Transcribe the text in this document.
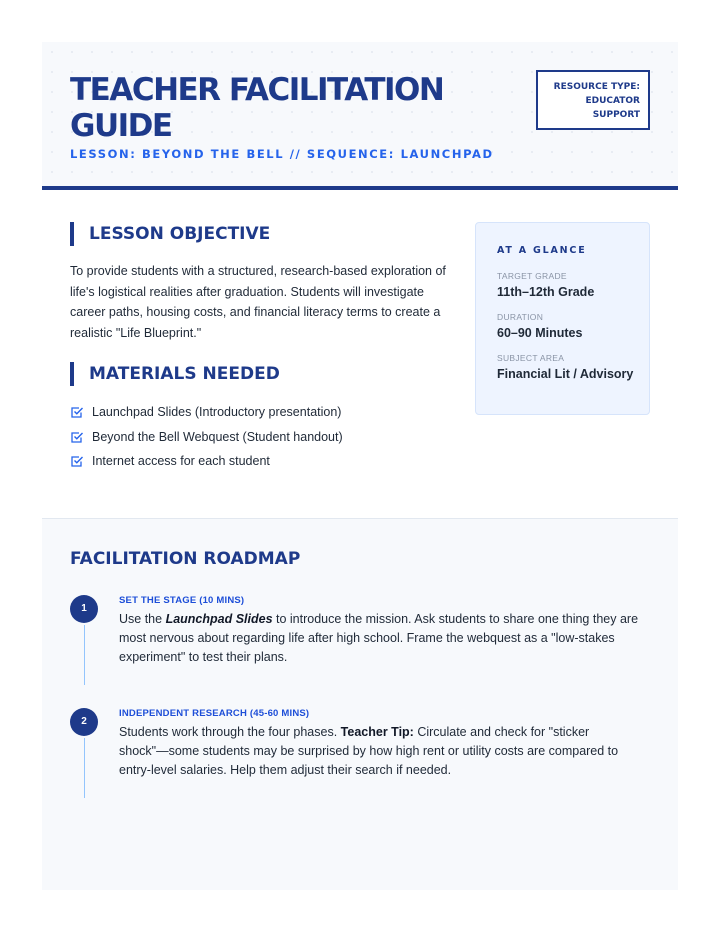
TEACHER FACILITATION GUIDE
LESSON: BEYOND THE BELL // SEQUENCE: LAUNCHPAD
RESOURCE TYPE:
EDUCATOR
SUPPORT
LESSON OBJECTIVE

To provide students with a structured, research-based exploration of life's logistical realities after graduation. Students will investigate career paths, housing costs, and financial literacy terms to create a realistic "Life Blueprint."

MATERIALS NEEDED
Launchpad Slides (Introductory presentation)
Beyond the Bell Webquest (Student handout)
Internet access for each student
AT A GLANCE
TARGET GRADE
11th–12th Grade
DURATION
60–90 Minutes
SUBJECT AREA
Financial Lit / Advisory
FACILITATION ROADMAP
1
SET THE STAGE (10 MINS)
Use the Launchpad Slides to introduce the mission. Ask students to share one thing they are most nervous about regarding life after high school. Frame the webquest as a "low-stakes experiment" to test their plans.
2
INDEPENDENT RESEARCH (45-60 MINS)
Students work through the four phases. Teacher Tip: Circulate and check for "sticker shock"—some students may be surprised by how high rent or utility costs are compared to entry-level salaries. Help them adjust their search if needed.
